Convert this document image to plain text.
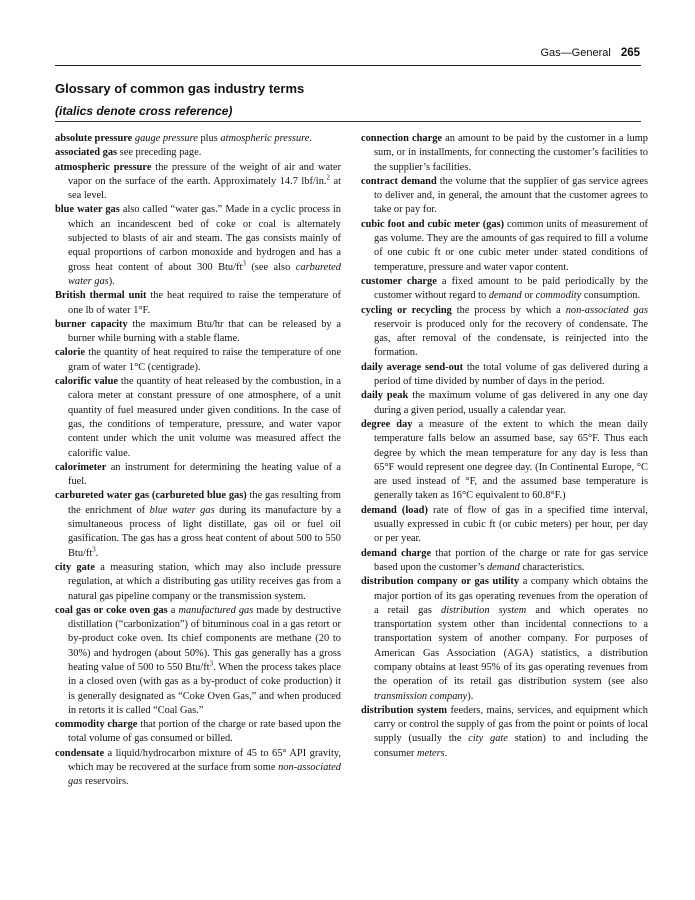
Gas—General 265
Glossary of common gas industry terms
(italics denote cross reference)

absolute pressure gauge pressure plus atmospheric pressure.

associated gas see preceding page.

atmospheric pressure the pressure of the weight of air and water vapor on the surface of the earth. Approximately 14.7 lbf/in.$^2$ at sea level.

blue water gas also called “water gas.” Made in a cyclic process in which an incandescent bed of coke or coal is alternately subjected to blasts of air and steam. The gas consists mainly of equal proportions of carbon monoxide and hydrogen and has a gross heat content of about 300 Btu/$ft^3$ (see also carbureted water gas).

British thermal unit the heat required to raise the temperature of one lb of water 1°F.

burner capacity the maximum Btu/hr that can be released by a burner while burning with a stable flame.

calorie the quantity of heat required to raise the temperature of one gram of water 1°C (centigrade).

calorific value the quantity of heat released by the combustion, in a calora meter at constant pressure of one atmosphere, of a unit quantity of fuel measured under given conditions. In the case of gas, the conditions of temperature, pressure, and water vapor content under which the unit volume was measured affect the calorific value.

calorimeter an instrument for determining the heating value of a fuel.

carbureted water gas (carbureted blue gas) the gas resulting from the enrichment of blue water gas during its manufacture by a simultaneous process of light distillate, gas oil or fuel oil gasification. The gas has a gross heat content of about 500 to 550 Btu/$ft^3$.

city gate a measuring station, which may also include pressure regulation, at which a distributing gas utility receives gas from a natural gas pipeline company or the transmission system.

coal gas or coke oven gas a manufactured gas made by destructive distillation (“carbonization”) of bituminous coal in a gas retort or by-product coke oven. Its chief components are methane (20 to 30%) and hydrogen (about 50%). This gas generally has a gross heating value of 500 to 550 Btu/$ft^3$. When the process takes place in a closed oven (with gas as a by-product of coke production) it is generally designated as “Coke Oven Gas,” and when produced in retorts it is called “Coal Gas.”

commodity charge that portion of the charge or rate based upon the total volume of gas consumed or billed.

condensate a liquid/hydrocarbon mixture of 45 to 65° API gravity, which may be recovered at the surface from some non-associated gas reservoirs.

connection charge an amount to be paid by the customer in a lump sum, or in installments, for connecting the customer’s facilities to the supplier’s facilities.

contract demand the volume that the supplier of gas service agrees to deliver and, in general, the amount that the customer agrees to take or pay for.

cubic foot and cubic meter (gas) common units of measurement of gas volume. They are the amounts of gas required to fill a volume of one cubic ft or one cubic meter under stated conditions of temperature, pressure and water vapor content.

customer charge a fixed amount to be paid periodically by the customer without regard to demand or commodity consumption.

cycling or recycling the process by which a non-associated gas reservoir is produced only for the recovery of condensate. The gas, after removal of the condensate, is reinjected into the formation.

daily average send-out the total volume of gas delivered during a period of time divided by number of days in the period.

daily peak the maximum volume of gas delivered in any one day during a given period, usually a calendar year.

degree day a measure of the extent to which the mean daily temperature falls below an assumed base, say 65°F. Thus each degree by which the mean temperature for any day is less than 65°F would represent one degree day. (In Continental Europe, °C are used instead of °F, and the assumed base temperature is generally taken as 16°C equivalent to 60.8°F.)

demand (load) rate of flow of gas in a specified time interval, usually expressed in cubic ft (or cubic meters) per hour, per day or per year.

demand charge that portion of the charge or rate for gas service based upon the customer’s demand characteristics.

distribution company or gas utility a company which obtains the major portion of its gas operating revenues from the operation of a retail gas distribution system and which operates no transportation system other than incidental connections to a transportation system of another company. For purposes of American Gas Association (AGA) statistics, a distribution company obtains at least 95% of its gas operating revenues from the operation of its retail gas distribution system (see also transmission company).

distribution system feeders, mains, services, and equipment which carry or control the supply of gas from the point or points of local supply (usually the city gate station) to and including the consumer meters.
